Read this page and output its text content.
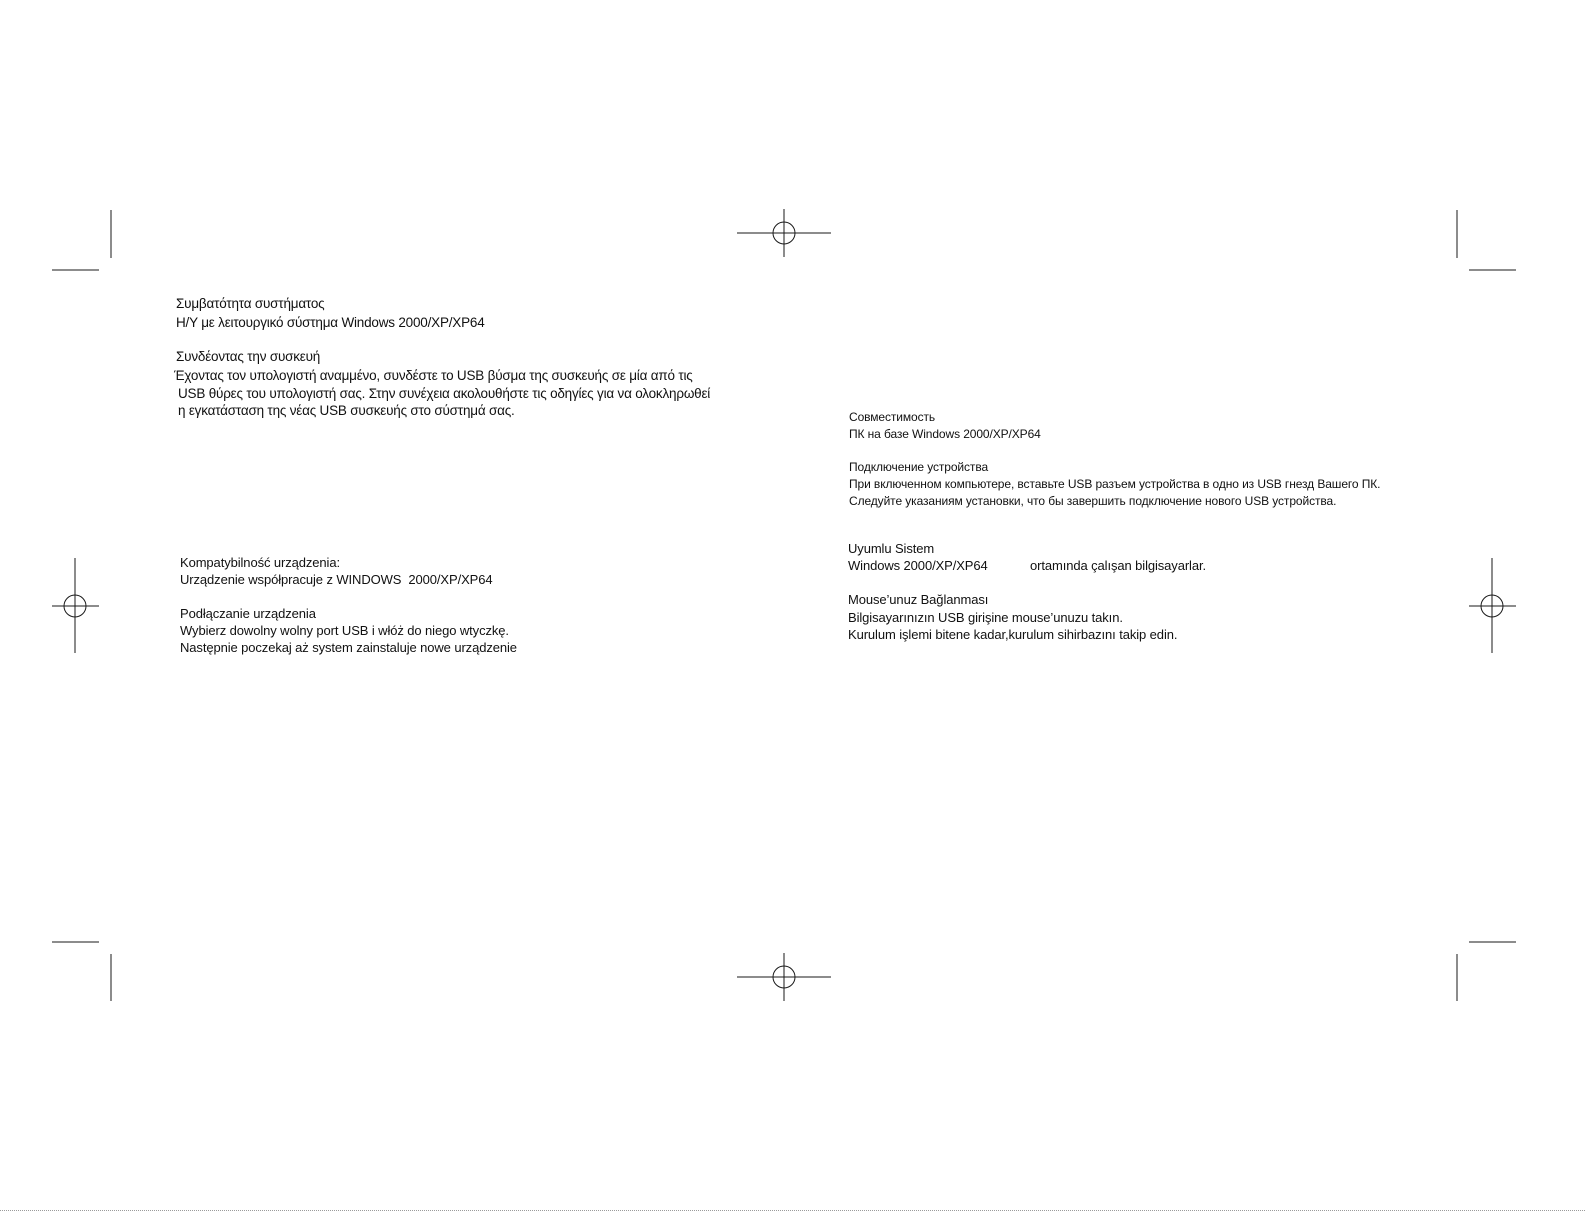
Συμβατότητα συστήματος
Η/Υ με λειτουργικό σύστημα Windows 2000/XP/XP64
Συνδέοντας την συσκευή
Έχοντας τον υπολογιστή αναμμένο, συνδέστε το USB βύσμα της συσκευής σε μία από τις
USB θύρες του υπολογιστή σας. Στην συνέχεια ακολουθήστε τις οδηγίες για να ολοκληρωθεί
η εγκατάσταση της νέας USB συσκευής στο σύστημά σας.
Kompatybilność urządzenia:
Urządzenie współpracuje z WINDOWS  2000/XP/XP64
Podłączanie urządzenia
Wybierz dowolny wolny port USB i włóż do niego wtyczkę.
Następnie poczekaj aż system zainstaluje nowe urządzenie
Совместимость
ПК на базе Windows 2000/XP/XP64
Подключение устройства
При включенном компьютере, вставьте USB разъем устройства в одно из USB гнезд Вашего ПК.
Следуйте указаниям установки, что бы завершить подключение нового USB устройства.
Uyumlu Sistem
Windows 2000/XP/XP64	ortamında çalışan bilgisayarlar.
Mouse’unuz Bağlanması
Bilgisayarınızın USB girişine mouse’unuzu takın.
Kurulum işlemi bitene kadar,kurulum sihirbazını takip edin.
